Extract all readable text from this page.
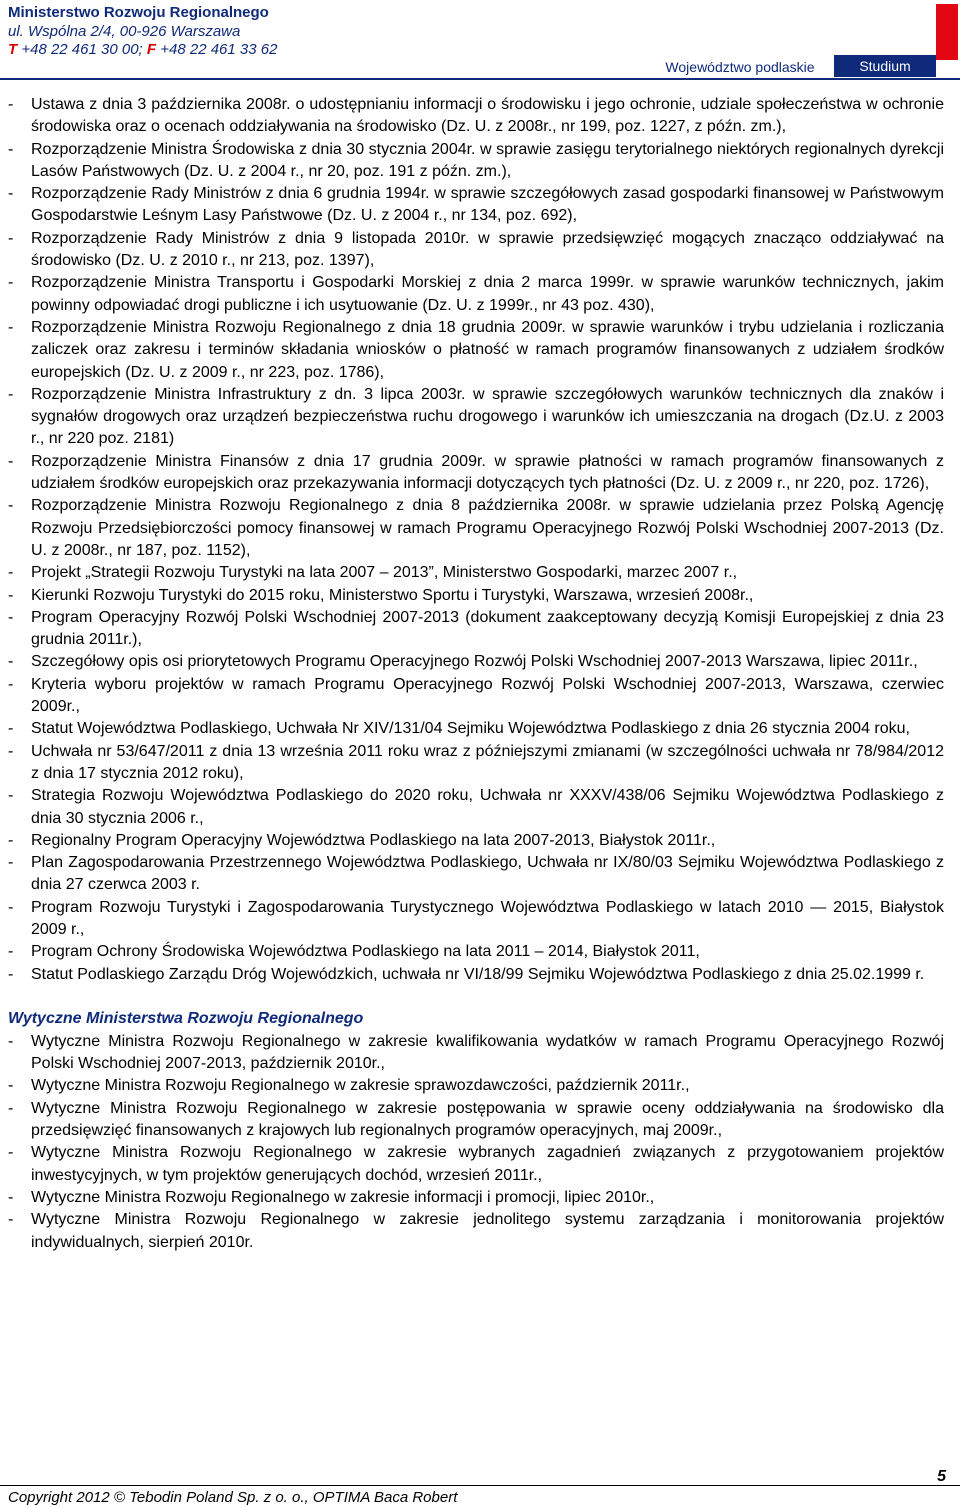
Ministerstwo Rozwoju Regionalnego
ul. Wspólna 2/4, 00-926 Warszawa
T +48 22 461 30 00; F +48 22 461 33 62
Województwo podlaskie	Studium
- Ustawa z dnia 3 października 2008r. o udostępnianiu informacji o środowisku i jego ochronie, udziale społeczeństwa w ochronie środowiska oraz o ocenach oddziaływania na środowisko (Dz. U. z 2008r., nr 199, poz. 1227, z późn. zm.),
- Rozporządzenie Ministra Środowiska z dnia 30 stycznia 2004r. w sprawie zasięgu terytorialnego niektórych regionalnych dyrekcji Lasów Państwowych (Dz. U. z 2004 r., nr 20, poz. 191 z późn. zm.),
- Rozporządzenie Rady Ministrów z dnia 6 grudnia 1994r. w sprawie szczegółowych zasad gospodarki finansowej w Państwowym Gospodarstwie Leśnym Lasy Państwowe (Dz. U. z 2004 r., nr 134, poz. 692),
- Rozporządzenie Rady Ministrów z dnia 9 listopada 2010r. w sprawie przedsięwzięć mogących znacząco oddziaływać na środowisko (Dz. U. z 2010 r., nr 213, poz. 1397),
- Rozporządzenie Ministra Transportu i Gospodarki Morskiej z dnia 2 marca 1999r. w sprawie warunków technicznych, jakim powinny odpowiadać drogi publiczne i ich usytuowanie (Dz. U. z 1999r., nr 43 poz. 430),
- Rozporządzenie Ministra Rozwoju Regionalnego z dnia 18 grudnia 2009r. w sprawie warunków i trybu udzielania i rozliczania zaliczek oraz zakresu i terminów składania wniosków o płatność w ramach programów finansowanych z udziałem środków europejskich (Dz. U. z 2009 r., nr 223, poz. 1786),
- Rozporządzenie Ministra Infrastruktury z dn. 3 lipca 2003r. w sprawie szczegółowych warunków technicznych dla znaków i sygnałów drogowych oraz urządzeń bezpieczeństwa ruchu drogowego i warunków ich umieszczania na drogach (Dz.U. z 2003 r., nr 220 poz. 2181)
- Rozporządzenie Ministra Finansów z dnia 17 grudnia 2009r. w sprawie płatności w ramach programów finansowanych z udziałem środków europejskich oraz przekazywania informacji dotyczących tych płatności (Dz. U. z 2009 r., nr 220, poz. 1726),
- Rozporządzenie Ministra Rozwoju Regionalnego z dnia 8 października 2008r. w sprawie udzielania przez Polską Agencję Rozwoju Przedsiębiorczości pomocy finansowej w ramach Programu Operacyjnego Rozwój Polski Wschodniej 2007-2013 (Dz. U. z 2008r., nr 187, poz. 1152),
- Projekt „Strategii Rozwoju Turystyki na lata 2007 – 2013”, Ministerstwo Gospodarki, marzec 2007 r.,
- Kierunki Rozwoju Turystyki do 2015 roku, Ministerstwo Sportu i Turystyki, Warszawa, wrzesień 2008r.,
- Program Operacyjny Rozwój Polski Wschodniej 2007-2013 (dokument zaakceptowany decyzją Komisji Europejskiej z dnia 23 grudnia 2011r.),
- Szczegółowy opis osi priorytetowych Programu Operacyjnego Rozwój Polski Wschodniej 2007-2013 Warszawa, lipiec 2011r.,
- Kryteria wyboru projektów w ramach Programu Operacyjnego Rozwój Polski Wschodniej 2007-2013, Warszawa, czerwiec 2009r.,
- Statut Województwa Podlaskiego, Uchwała Nr XIV/131/04 Sejmiku Województwa Podlaskiego z dnia 26 stycznia 2004 roku,
- Uchwała nr 53/647/2011 z dnia 13 września 2011 roku wraz z późniejszymi zmianami (w szczególności uchwała nr 78/984/2012 z dnia 17 stycznia 2012 roku),
- Strategia Rozwoju Województwa Podlaskiego do 2020 roku, Uchwała nr XXXV/438/06 Sejmiku Województwa Podlaskiego z dnia 30 stycznia 2006 r.,
- Regionalny Program Operacyjny Województwa Podlaskiego na lata 2007-2013, Białystok 2011r.,
- Plan Zagospodarowania Przestrzennego Województwa Podlaskiego, Uchwała nr IX/80/03 Sejmiku Województwa Podlaskiego z dnia 27 czerwca 2003 r.
- Program Rozwoju Turystyki i Zagospodarowania Turystycznego Województwa Podlaskiego w latach 2010 — 2015, Białystok 2009 r.,
- Program Ochrony Środowiska Województwa Podlaskiego na lata 2011 – 2014, Białystok 2011,
- Statut Podlaskiego Zarządu Dróg Wojewódzkich, uchwała nr VI/18/99 Sejmiku Województwa Podlaskiego z dnia 25.02.1999 r.
Wytyczne Ministerstwa Rozwoju Regionalnego
- Wytyczne Ministra Rozwoju Regionalnego w zakresie kwalifikowania wydatków w ramach Programu Operacyjnego Rozwój Polski Wschodniej 2007-2013, październik 2010r.,
- Wytyczne Ministra Rozwoju Regionalnego w zakresie sprawozdawczości, październik 2011r.,
- Wytyczne Ministra Rozwoju Regionalnego w zakresie postępowania w sprawie oceny oddziaływania na środowisko dla przedsięwzięć finansowanych z krajowych lub regionalnych programów operacyjnych, maj 2009r.,
- Wytyczne Ministra Rozwoju Regionalnego w zakresie wybranych zagadnień związanych z przygotowaniem projektów inwestycyjnych, w tym projektów generujących dochód, wrzesień 2011r.,
- Wytyczne Ministra Rozwoju Regionalnego w zakresie informacji i promocji, lipiec 2010r.,
- Wytyczne Ministra Rozwoju Regionalnego w zakresie jednolitego systemu zarządzania i monitorowania projektów indywidualnych, sierpień 2010r.
5
Copyright 2012 © Tebodin Poland Sp. z o. o., OPTIMA Baca Robert
